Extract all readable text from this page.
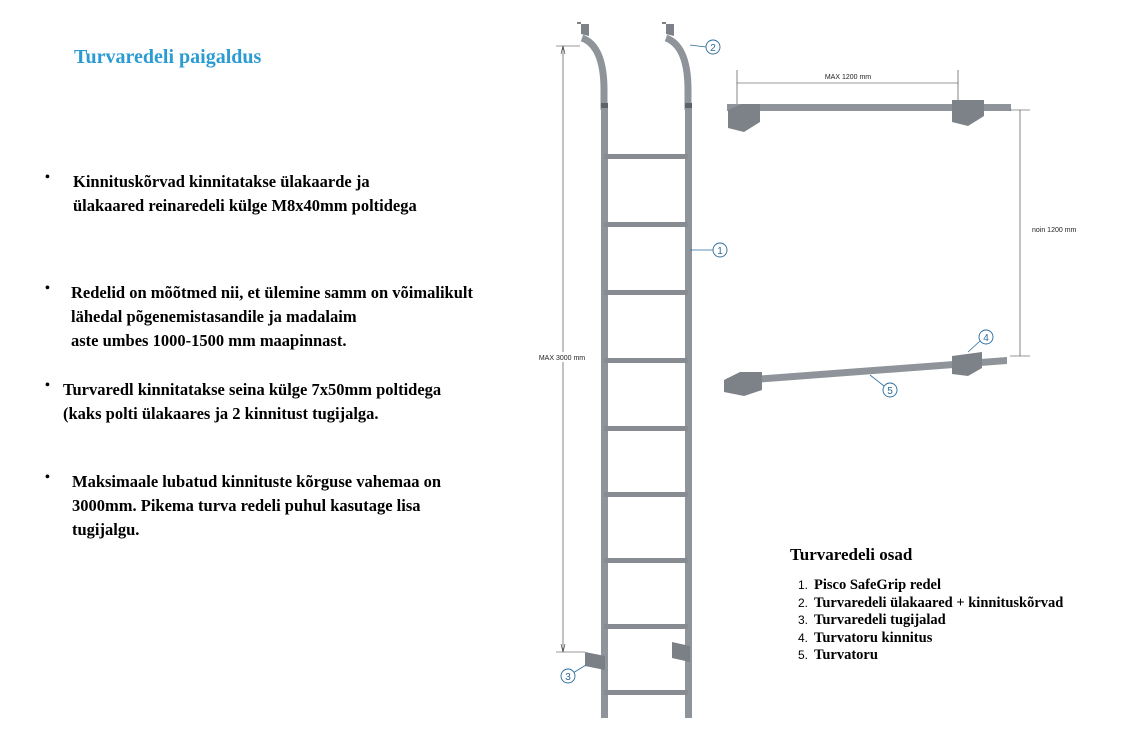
Turvaredeli paigaldus
• Kinnituskõrvad kinnitatakse ülakaarde ja
ülakaared reinaredeli külge M8x40mm poltidega
• Redelid on mõõtmed nii, et ülemine samm on võimalikult
lähedal põgenemistasandile ja madalaim
aste umbes 1000-1500 mm maapinnast.
• Turvaredl kinnitatakse seina külge 7x50mm poltidega
(kaks polti ülakaares ja 2 kinnitust tugijalga.
• Maksimaale lubatud kinnituste kõrguse vahemaa on
3000mm. Pikema turva redeli puhul kasutage lisa
tugijalgu.
MAX 3000 mm
MAX 1200 mm
noin 1200 mm
1
2
3
4
5
Turvaredeli osad
1. Pisco SafeGrip redel
2. Turvaredeli ülakaared + kinnituskõrvad
3. Turvaredeli tugijalad
4. Turvatoru kinnitus
5. Turvatoru
